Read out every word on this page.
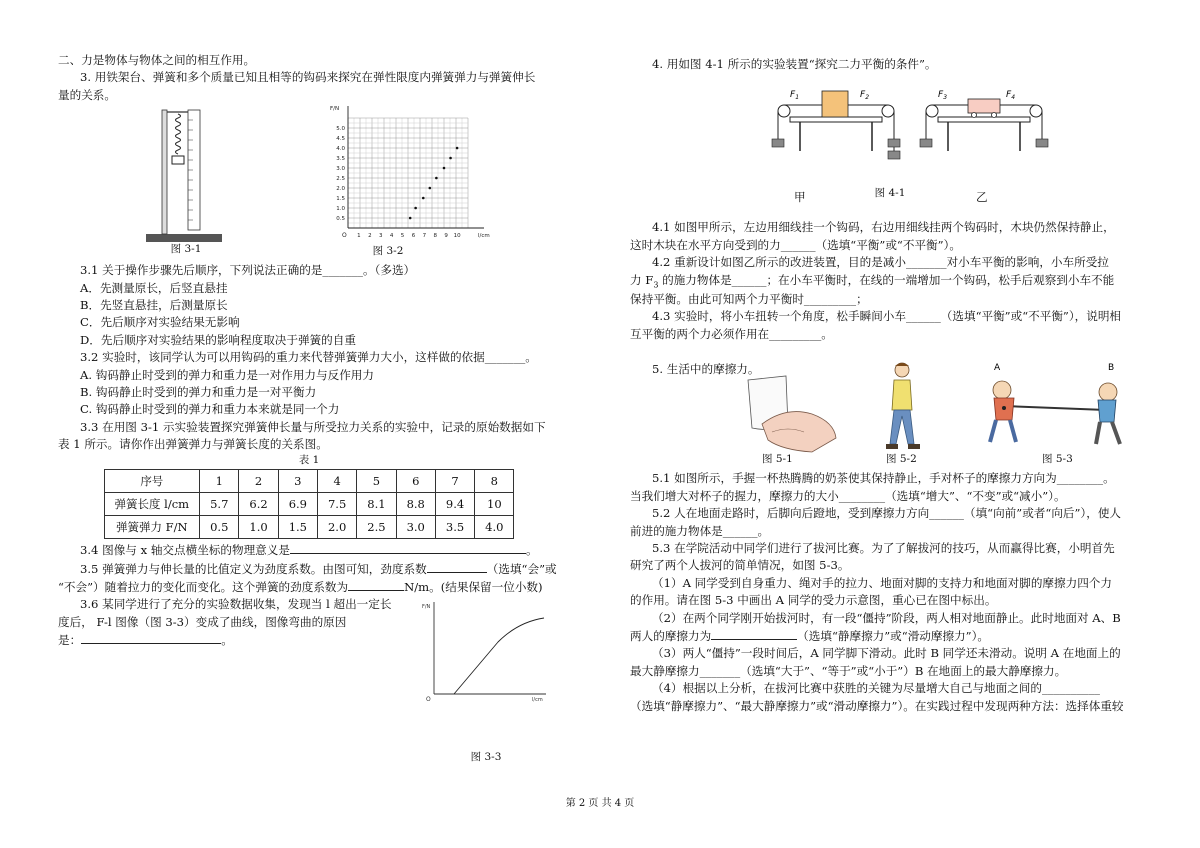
二、力是物体与物体之间的相互作用。

3. 用铁架台、弹簧和多个质量已知且相等的钩码来探究在弹性限度内弹簧弹力与弹簧伸长

量的关系。

图 3-1
0.5
1.0
1.5
2.0
2.5
3.0
3.5
4.0
4.5
5.0
1 2 3 4 5 6 7 8 9 10
O
F/N
l/cm
图 3-2

3.1 关于操作步骤先后顺序，下列说法正确的是_______。（多选）

A．先测量原长，后竖直悬挂

B．先竖直悬挂，后测量原长

C．先后顺序对实验结果无影响

D．先后顺序对实验结果的影响程度取决于弹簧的自重

3.2 实验时，该同学认为可以用钩码的重力来代替弹簧弹力大小，这样做的依据_______。

A. 钩码静止时受到的弹力和重力是一对作用力与反作用力

B. 钩码静止时受到的弹力和重力是一对平衡力

C. 钩码静止时受到的弹力和重力本来就是同一个力

3.3 在用图 3-1 示实验装置探究弹簧伸长量与所受拉力关系的实验中，记录的原始数据如下

表 1 所示。请你作出弹簧弹力与弹簧长度的关系图。

表 1
序号	1	2	3	4	5	6	7	8
弹簧长度 l/cm	5.7	6.2	6.9	7.5	8.1	8.8	9.4	10
弹簧弹力 F/N	0.5	1.0	1.5	2.0	2.5	3.0	3.5	4.0

3.4 图像与 x 轴交点横坐标的物理意义是	。

3.5 弹簧弹力与伸长量的比值定义为劲度系数。由图可知，劲度系数	（选填“会”或

“不会”）随着拉力的变化而变化。这个弹簧的劲度系数为	N/m。(结果保留一位小数)

3.6 某同学进行了充分的实验数据收集，发现当 l 超出一定长

度后， F-l 图像（图 3-3）变成了曲线，图像弯曲的原因

是：	。

F/N
l/cm
O
图 3-3

4. 用如图 4-1 所示的实验装置“探究二力平衡的条件”。

$F_1$	$F_2$	$F_3$	$F_4$
甲	乙
图 4-1

4.1 如图甲所示，左边用细线挂一个钩码，右边用细线挂两个钩码时，木块仍然保持静止，

这时木块在水平方向受到的力______（选填“平衡”或“不平衡”）。

4.2 重新设计如图乙所示的改进装置，目的是减小_______对小车平衡的影响，小车所受拉

力 $F_3$ 的施力物体是______；在小车平衡时，在线的一端增加一个钩码，松手后观察到小车不能

保持平衡。由此可知两个力平衡时_________；

4.3 实验时，将小车扭转一个角度，松手瞬间小车______（选填“平衡”或“不平衡”），说明相

互平衡的两个力必须作用在_________。

5. 生活中的摩擦力。	A	B
图 5-1	图 5-2	图 5-3

5.1 如图所示，手握一杯热腾腾的奶茶使其保持静止，手对杯子的摩擦力方向为________。

当我们增大对杯子的握力，摩擦力的大小________（选填“增大”、“不变”或“减小”）。

5.2 人在地面走路时，后脚向后蹬地，受到摩擦力方向______（填“向前”或者“向后”），使人

前进的施力物体是______。

5.3 在学院活动中同学们进行了拔河比赛。为了了解拔河的技巧，从而赢得比赛，小明首先

研究了两个人拔河的简单情况，如图 5-3。

（1）A 同学受到自身重力、绳对手的拉力、地面对脚的支持力和地面对脚的摩擦力四个力

的作用。请在图 5-3 中画出 A 同学的受力示意图，重心已在图中标出。

（2）在两个同学刚开始拔河时，有一段“僵持”阶段，两人相对地面静止。此时地面对 A、B

两人的摩擦力为	（选填“静摩擦力”或“滑动摩擦力”）。

（3）两人“僵持”一段时间后，A 同学脚下滑动。此时 B 同学还未滑动。说明 A 在地面上的

最大静摩擦力_______（选填“大于”、“等于”或“小于”）B 在地面上的最大静摩擦力。

（4）根据以上分析，在拔河比赛中获胜的关键为尽量增大自己与地面之间的__________

（选填“静摩擦力”、“最大静摩擦力”或“滑动摩擦力”）。在实践过程中发现两种方法：选择体重较

第 2 页 共 4 页
